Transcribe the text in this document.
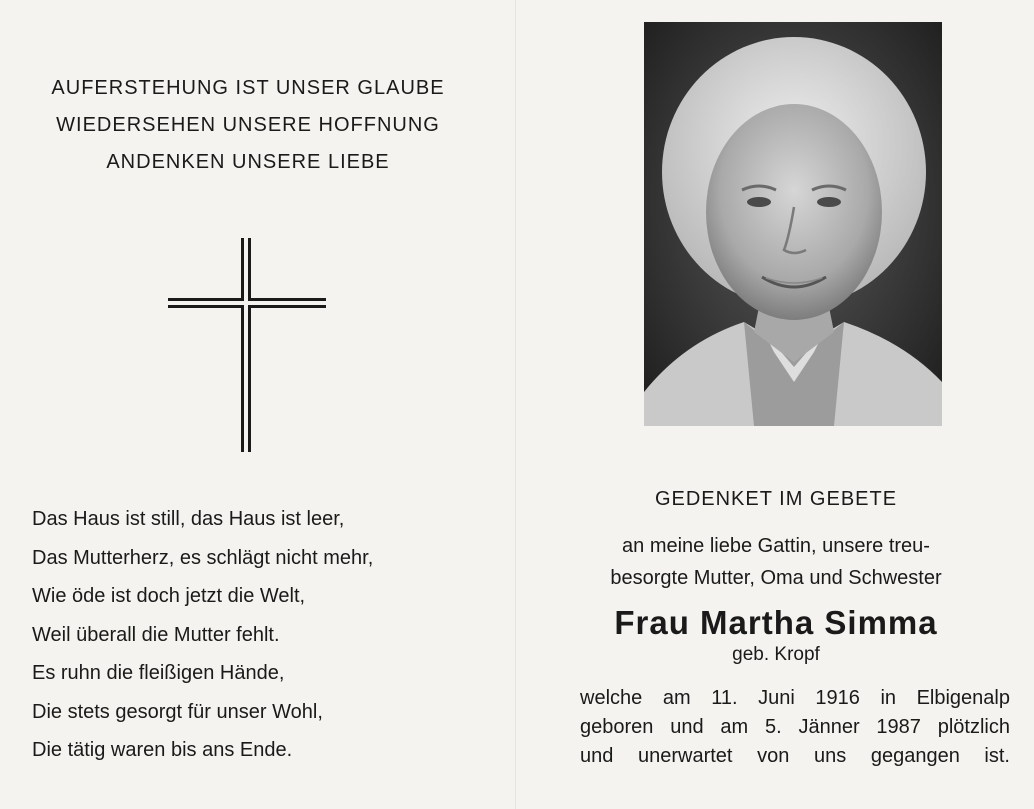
AUFERSTEHUNG IST UNSER GLAUBE
WIEDERSEHEN UNSERE HOFFNUNG
ANDENKEN UNSERE LIEBE
Das Haus ist still, das Haus ist leer,
Das Mutterherz, es schlägt nicht mehr,
Wie öde ist doch jetzt die Welt,
Weil überall die Mutter fehlt.
Es ruhn die fleißigen Hände,
Die stets gesorgt für unser Wohl,
Die tätig waren bis ans Ende.
GEDENKET IM GEBETE
an meine liebe Gattin, unsere treu-
besorgte Mutter, Oma und Schwester
Frau Martha Simma
geb. Kropf
welche am 11. Juni 1916 in Elbigenalp
geboren und am 5. Jänner 1987 plötzlich
und unerwartet von uns gegangen ist.
